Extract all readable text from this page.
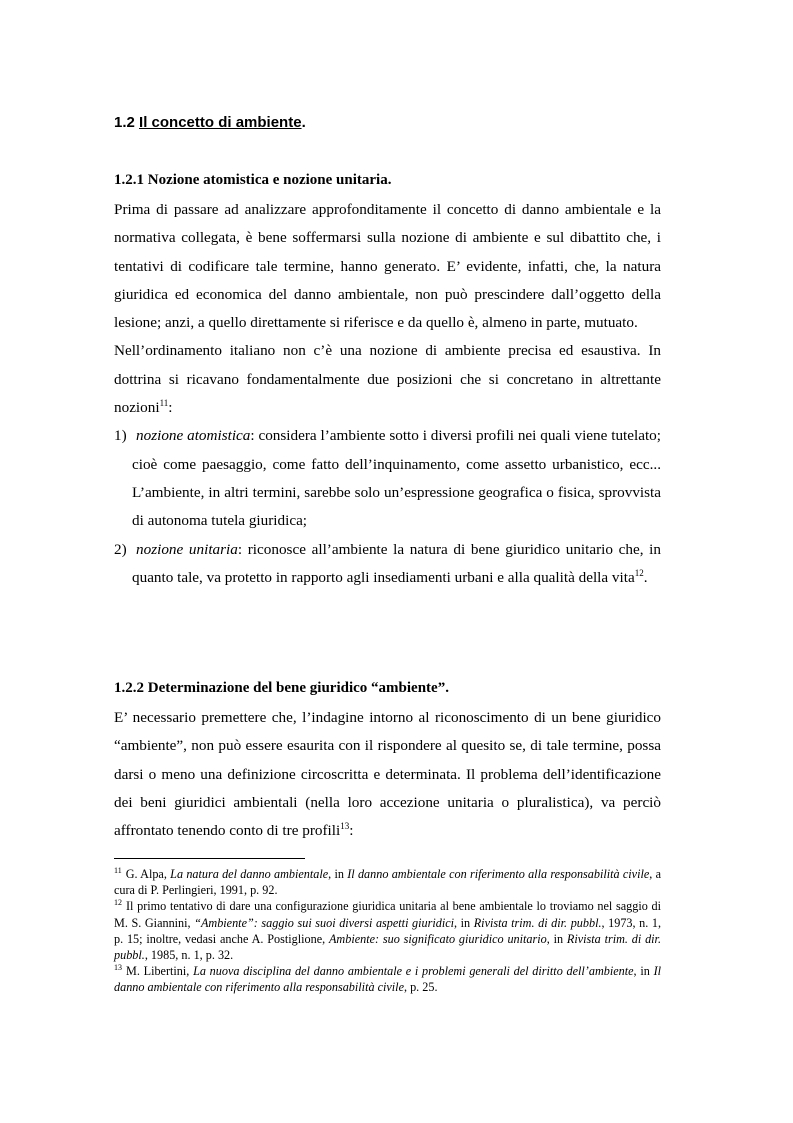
1.2 Il concetto di ambiente.
1.2.1 Nozione atomistica e nozione unitaria.

Prima di passare ad analizzare approfonditamente il concetto di danno ambientale e la normativa collegata, è bene soffermarsi sulla nozione di ambiente e sul dibattito che, i tentativi di codificare tale termine, hanno generato. E’ evidente, infatti, che, la natura giuridica ed economica del danno ambientale, non può prescindere dall’oggetto della lesione; anzi, a quello direttamente si riferisce e da quello è, almeno in parte, mutuato.

Nell’ordinamento italiano non c’è una nozione di ambiente precisa ed esaustiva. In dottrina si ricavano fondamentalmente due posizioni che si concretano in altrettante nozioni$^{11}$:

1) nozione atomistica: considera l’ambiente sotto i diversi profili nei quali viene tutelato; cioè come paesaggio, come fatto dell’inquinamento, come assetto urbanistico, ecc... L’ambiente, in altri termini, sarebbe solo un’espressione geografica o fisica, sprovvista di autonoma tutela giuridica;
2) nozione unitaria: riconosce all’ambiente la natura di bene giuridico unitario che, in quanto tale, va protetto in rapporto agli insediamenti urbani e alla qualità della vita$^{12}$.
1.2.2 Determinazione del bene giuridico “ambiente”.

E’ necessario premettere che, l’indagine intorno al riconoscimento di un bene giuridico “ambiente”, non può essere esaurita con il rispondere al quesito se, di tale termine, possa darsi o meno una definizione circoscritta e determinata. Il problema dell’identificazione dei beni giuridici ambientali (nella loro accezione unitaria o pluralistica), va perciò affrontato tenendo conto di tre profili$^{13}$:

$^{11}$ G. Alpa, La natura del danno ambientale, in Il danno ambientale con riferimento alla responsabilità civile, a cura di P. Perlingieri, 1991, p. 92.

$^{12}$ Il primo tentativo di dare una configurazione giuridica unitaria al bene ambientale lo troviamo nel saggio di M. S. Giannini, “Ambiente”: saggio sui suoi diversi aspetti giuridici, in Rivista trim. di dir. pubbl., 1973, n. 1, p. 15; inoltre, vedasi anche A. Postiglione, Ambiente: suo significato giuridico unitario, in Rivista trim. di dir. pubbl., 1985, n. 1, p. 32.

$^{13}$ M. Libertini, La nuova disciplina del danno ambientale e i problemi generali del diritto dell’ambiente, in Il danno ambientale con riferimento alla responsabilità civile, p. 25.
